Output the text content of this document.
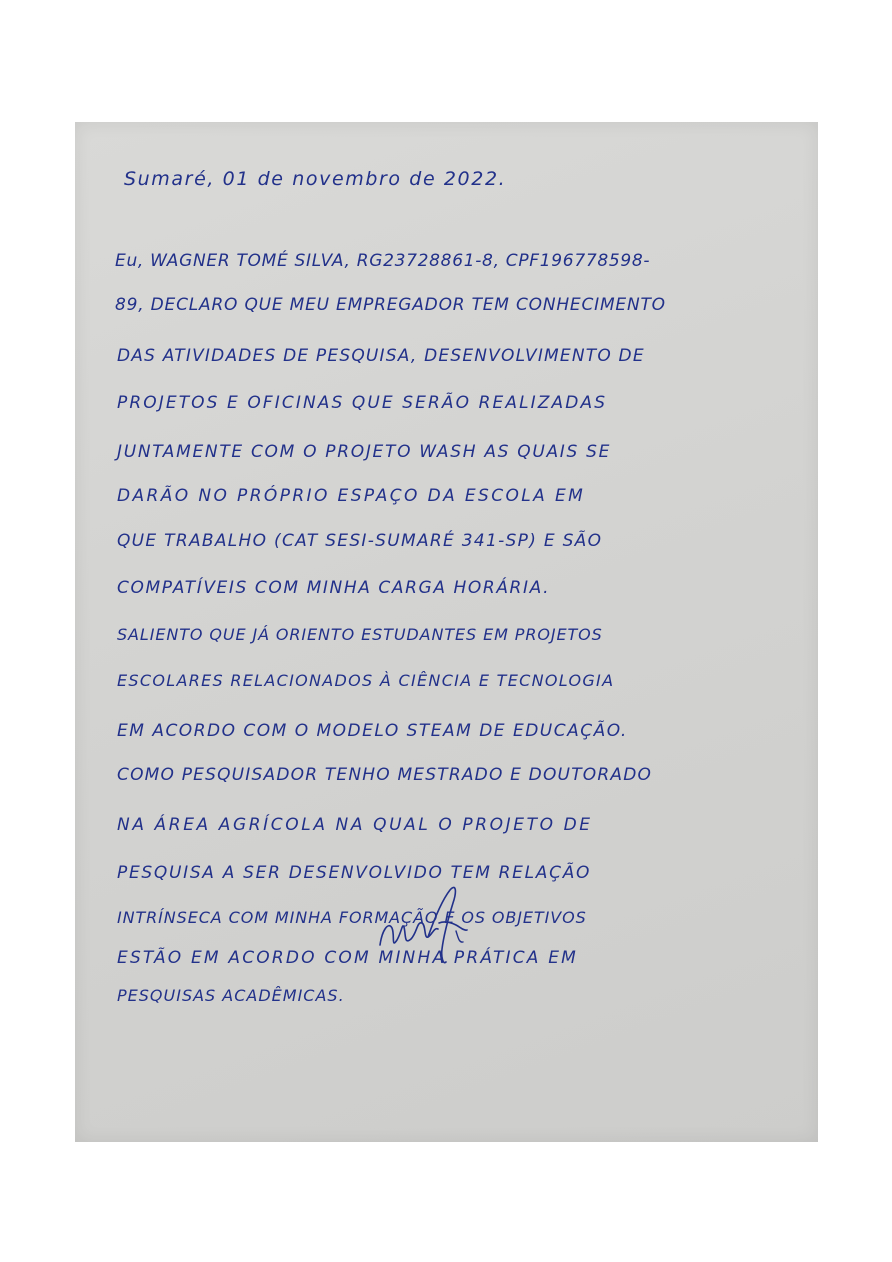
Sumaré, 01 de novembro de 2022.

Eu, WAGNER TOMÉ SILVA, RG23728861-8, CPF196778598-

89, DECLARO QUE MEU EMPREGADOR TEM CONHECIMENTO

DAS ATIVIDADES DE PESQUISA, DESENVOLVIMENTO DE

PROJETOS E OFICINAS QUE SERÃO REALIZADAS

JUNTAMENTE COM O PROJETO WASH AS QUAIS SE

DARÃO NO PRÓPRIO ESPAÇO DA ESCOLA EM

QUE TRABALHO (CAT SESI-SUMARÉ 341-SP) E SÃO

COMPATÍVEIS COM MINHA CARGA HORÁRIA.

SALIENTO QUE JÁ ORIENTO ESTUDANTES EM PROJETOS

ESCOLARES RELACIONADOS À CIÊNCIA E TECNOLOGIA

EM ACORDO COM O MODELO STEAM DE EDUCAÇÃO.

COMO PESQUISADOR TENHO MESTRADO E DOUTORADO

NA ÁREA AGRÍCOLA NA QUAL O PROJETO DE

PESQUISA A SER DESENVOLVIDO TEM RELAÇÃO

INTRÍNSECA COM MINHA FORMAÇÃO E OS OBJETIVOS

ESTÃO EM ACORDO COM MINHA PRÁTICA EM

PESQUISAS ACADÊMICAS.
